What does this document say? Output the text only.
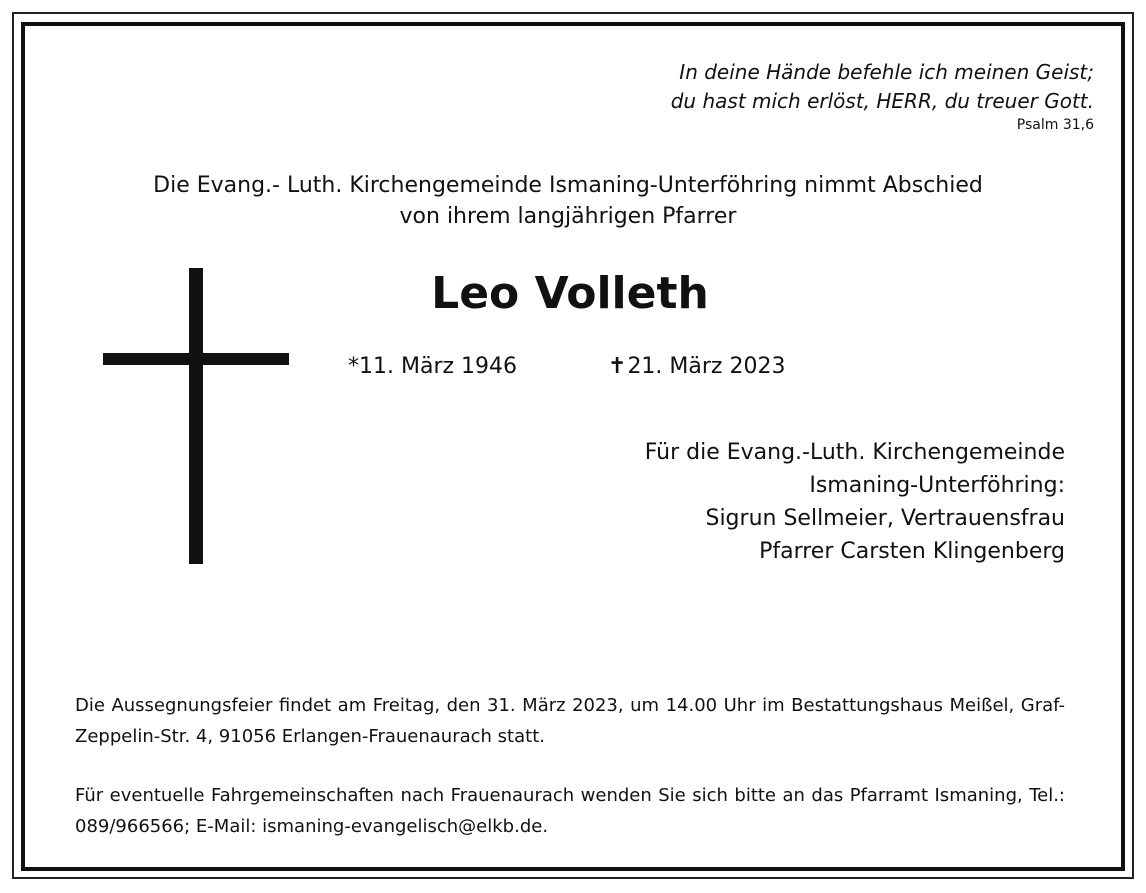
In deine Hände befehle ich meinen Geist;
du hast mich erlöst, HERR, du treuer Gott.
Psalm 31,6
Die Evang.- Luth. Kirchengemeinde Ismaning-Unterföhring nimmt Abschied
von ihrem langjährigen Pfarrer
Leo Volleth
*11. März 1946	✝21. März 2023
Für die Evang.-Luth. Kirchengemeinde
Ismaning-Unterföhring:
Sigrun Sellmeier, Vertrauensfrau
Pfarrer Carsten Klingenberg
Die Aussegnungsfeier findet am Freitag, den 31. März 2023, um 14.00 Uhr im Bestattungshaus Meißel, Graf-Zeppelin-Str. 4, 91056 Erlangen-Frauenaurach statt.
Für eventuelle Fahrgemeinschaften nach Frauenaurach wenden Sie sich bitte an das Pfarramt Ismaning, Tel.: 089/966566; E-Mail: ismaning-evangelisch@elkb.de.
